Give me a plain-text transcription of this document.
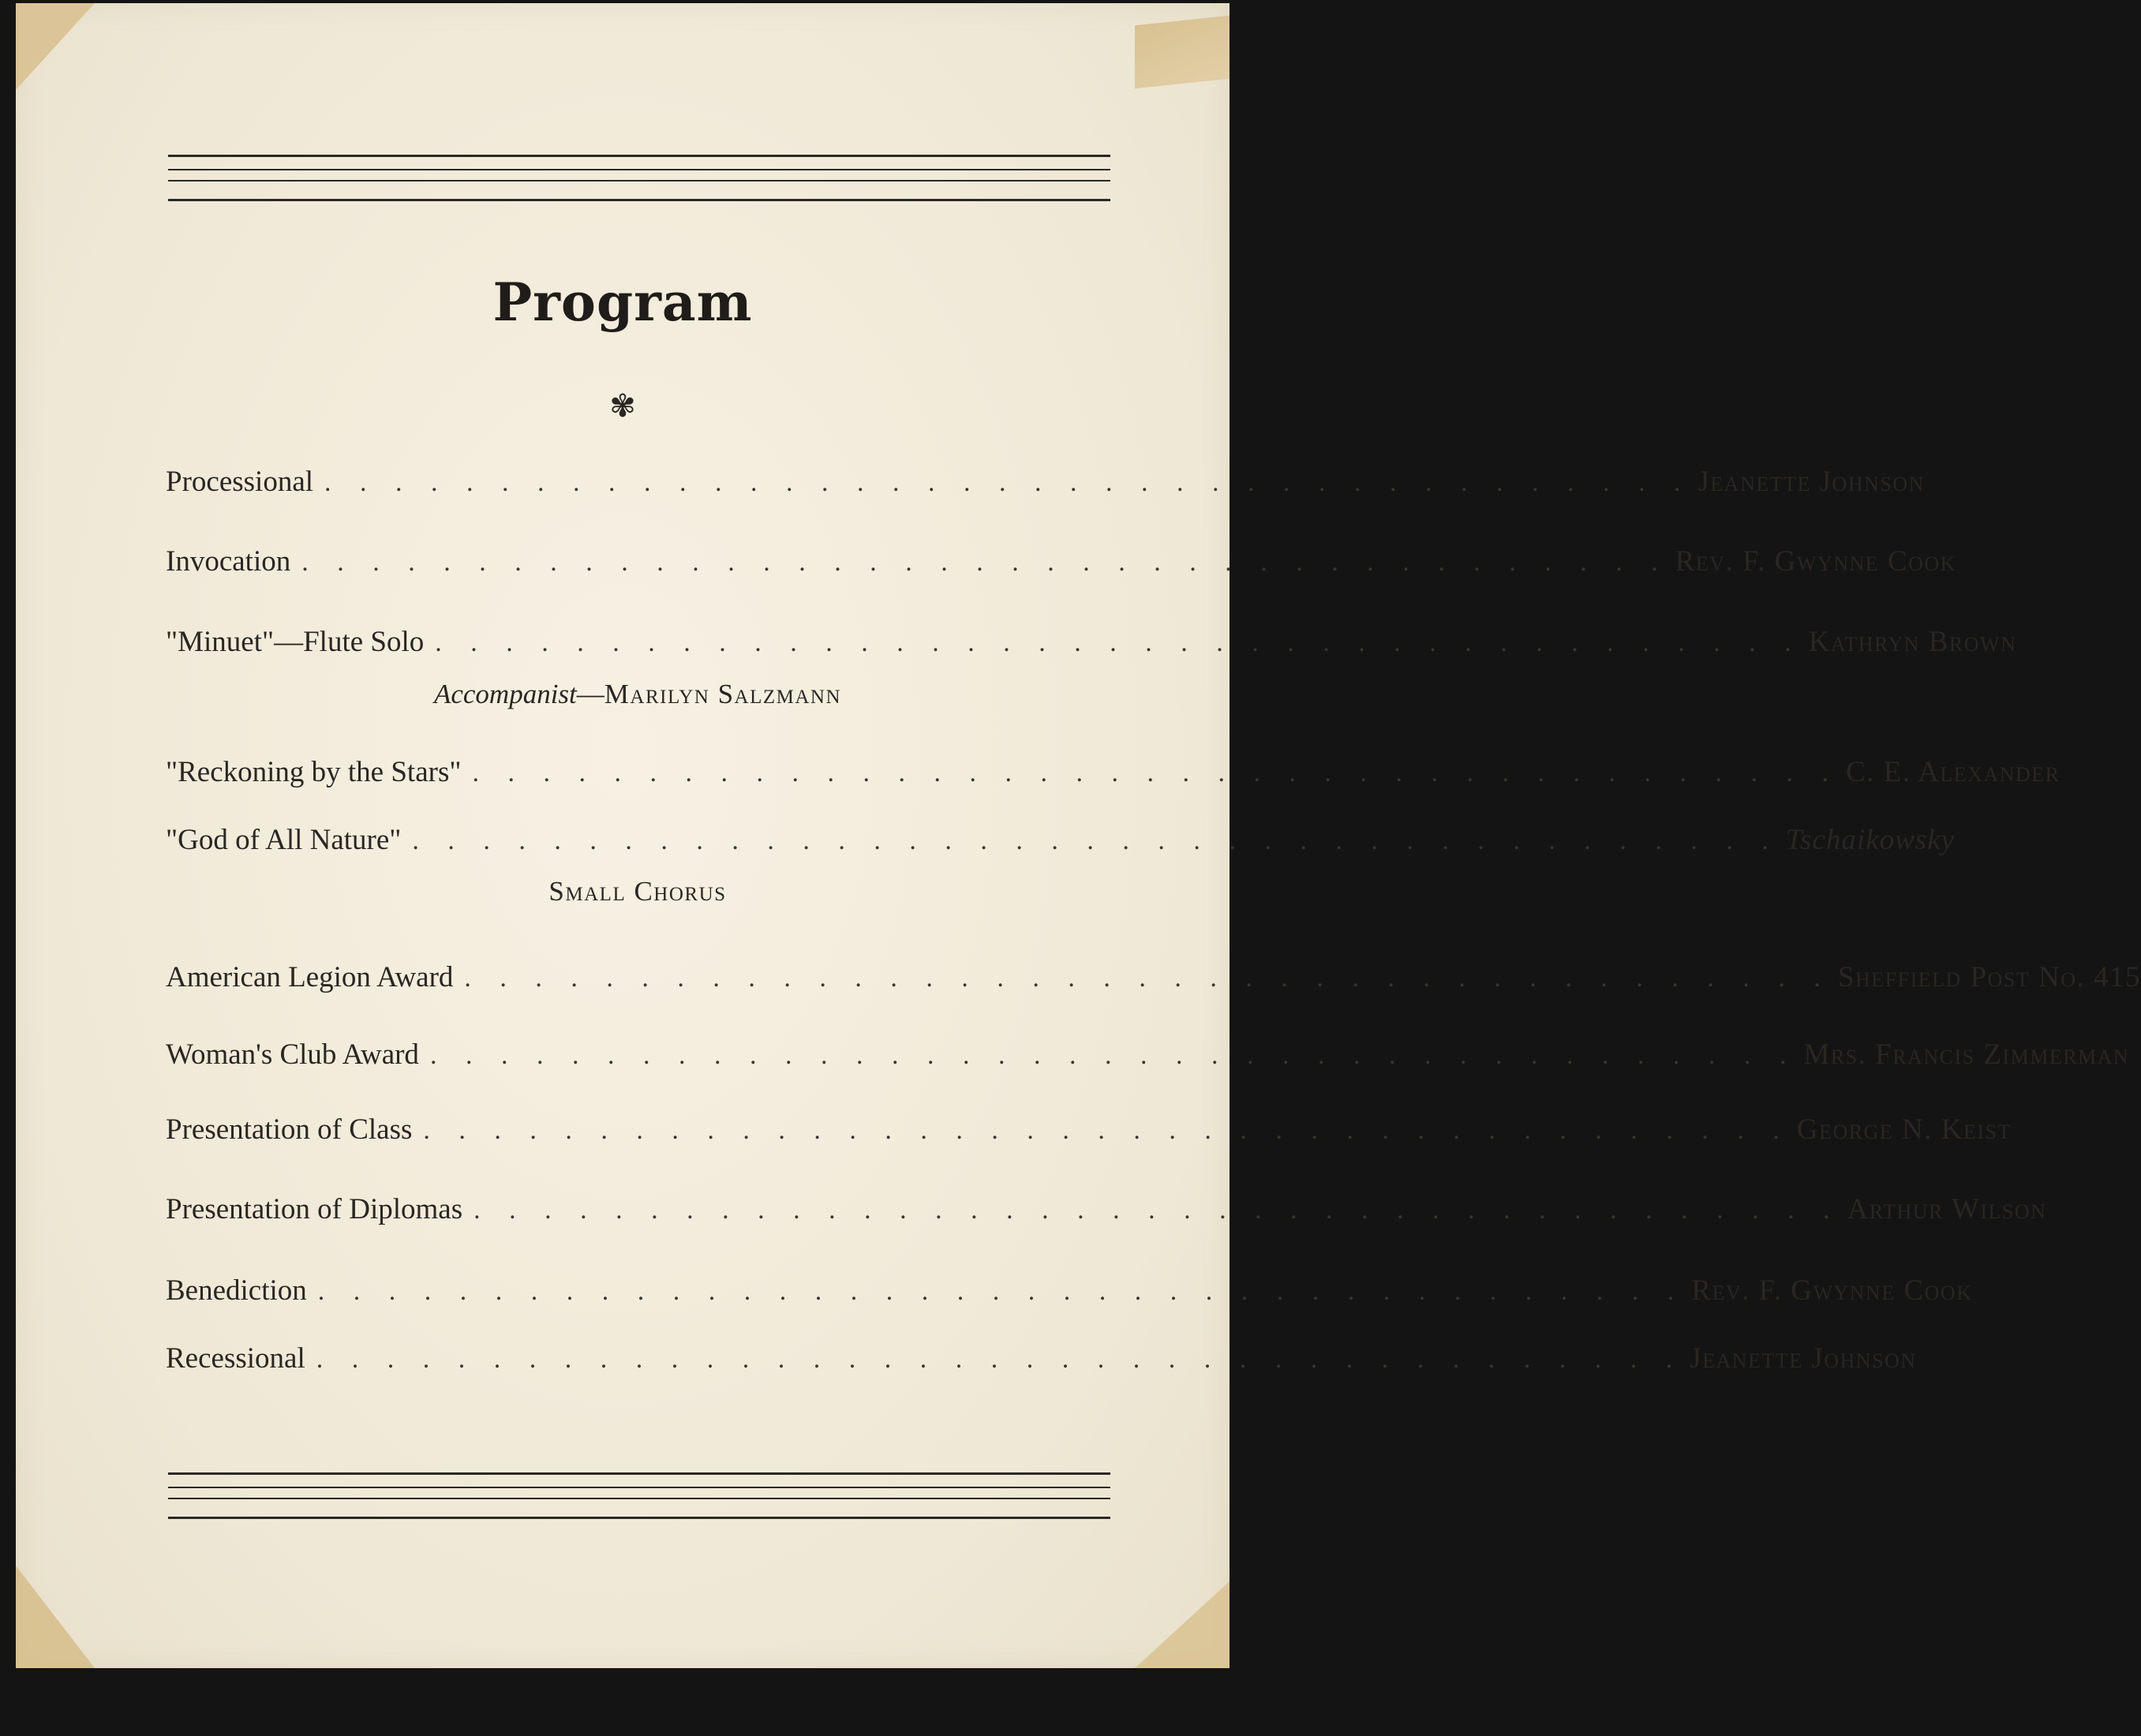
Program
✾
Processional . . . . . . . . . . . . . . . . . . . . . . . . . . . . . . . . . . . . . . . Jeanette Johnson
Invocation . . . . . . . . . . . . . . . . . . . . . . . . . . . . . . . . . . . . . . . Rev. F. Gwynne Cook
"Minuet"—Flute Solo . . . . . . . . . . . . . . . . . . . . . . . . . . . . . . . . . . . . . . . Kathryn Brown
Accompanist—Marilyn Salzmann
"Reckoning by the Stars" . . . . . . . . . . . . . . . . . . . . . . . . . . . . . . . . . . . . . . . C. E. Alexander
"God of All Nature" . . . . . . . . . . . . . . . . . . . . . . . . . . . . . . . . . . . . . . . Tschaikowsky
Small Chorus
American Legion Award . . . . . . . . . . . . . . . . . . . . . . . . . . . . . . . . . . . . . . . Sheffield Post No. 415
Woman's Club Award . . . . . . . . . . . . . . . . . . . . . . . . . . . . . . . . . . . . . . . Mrs. Francis Zimmerman
Presentation of Class . . . . . . . . . . . . . . . . . . . . . . . . . . . . . . . . . . . . . . . George N. Keist
Presentation of Diplomas . . . . . . . . . . . . . . . . . . . . . . . . . . . . . . . . . . . . . . . Arthur Wilson
Benediction . . . . . . . . . . . . . . . . . . . . . . . . . . . . . . . . . . . . . . . Rev. F. Gwynne Cook
Recessional . . . . . . . . . . . . . . . . . . . . . . . . . . . . . . . . . . . . . . . Jeanette Johnson
